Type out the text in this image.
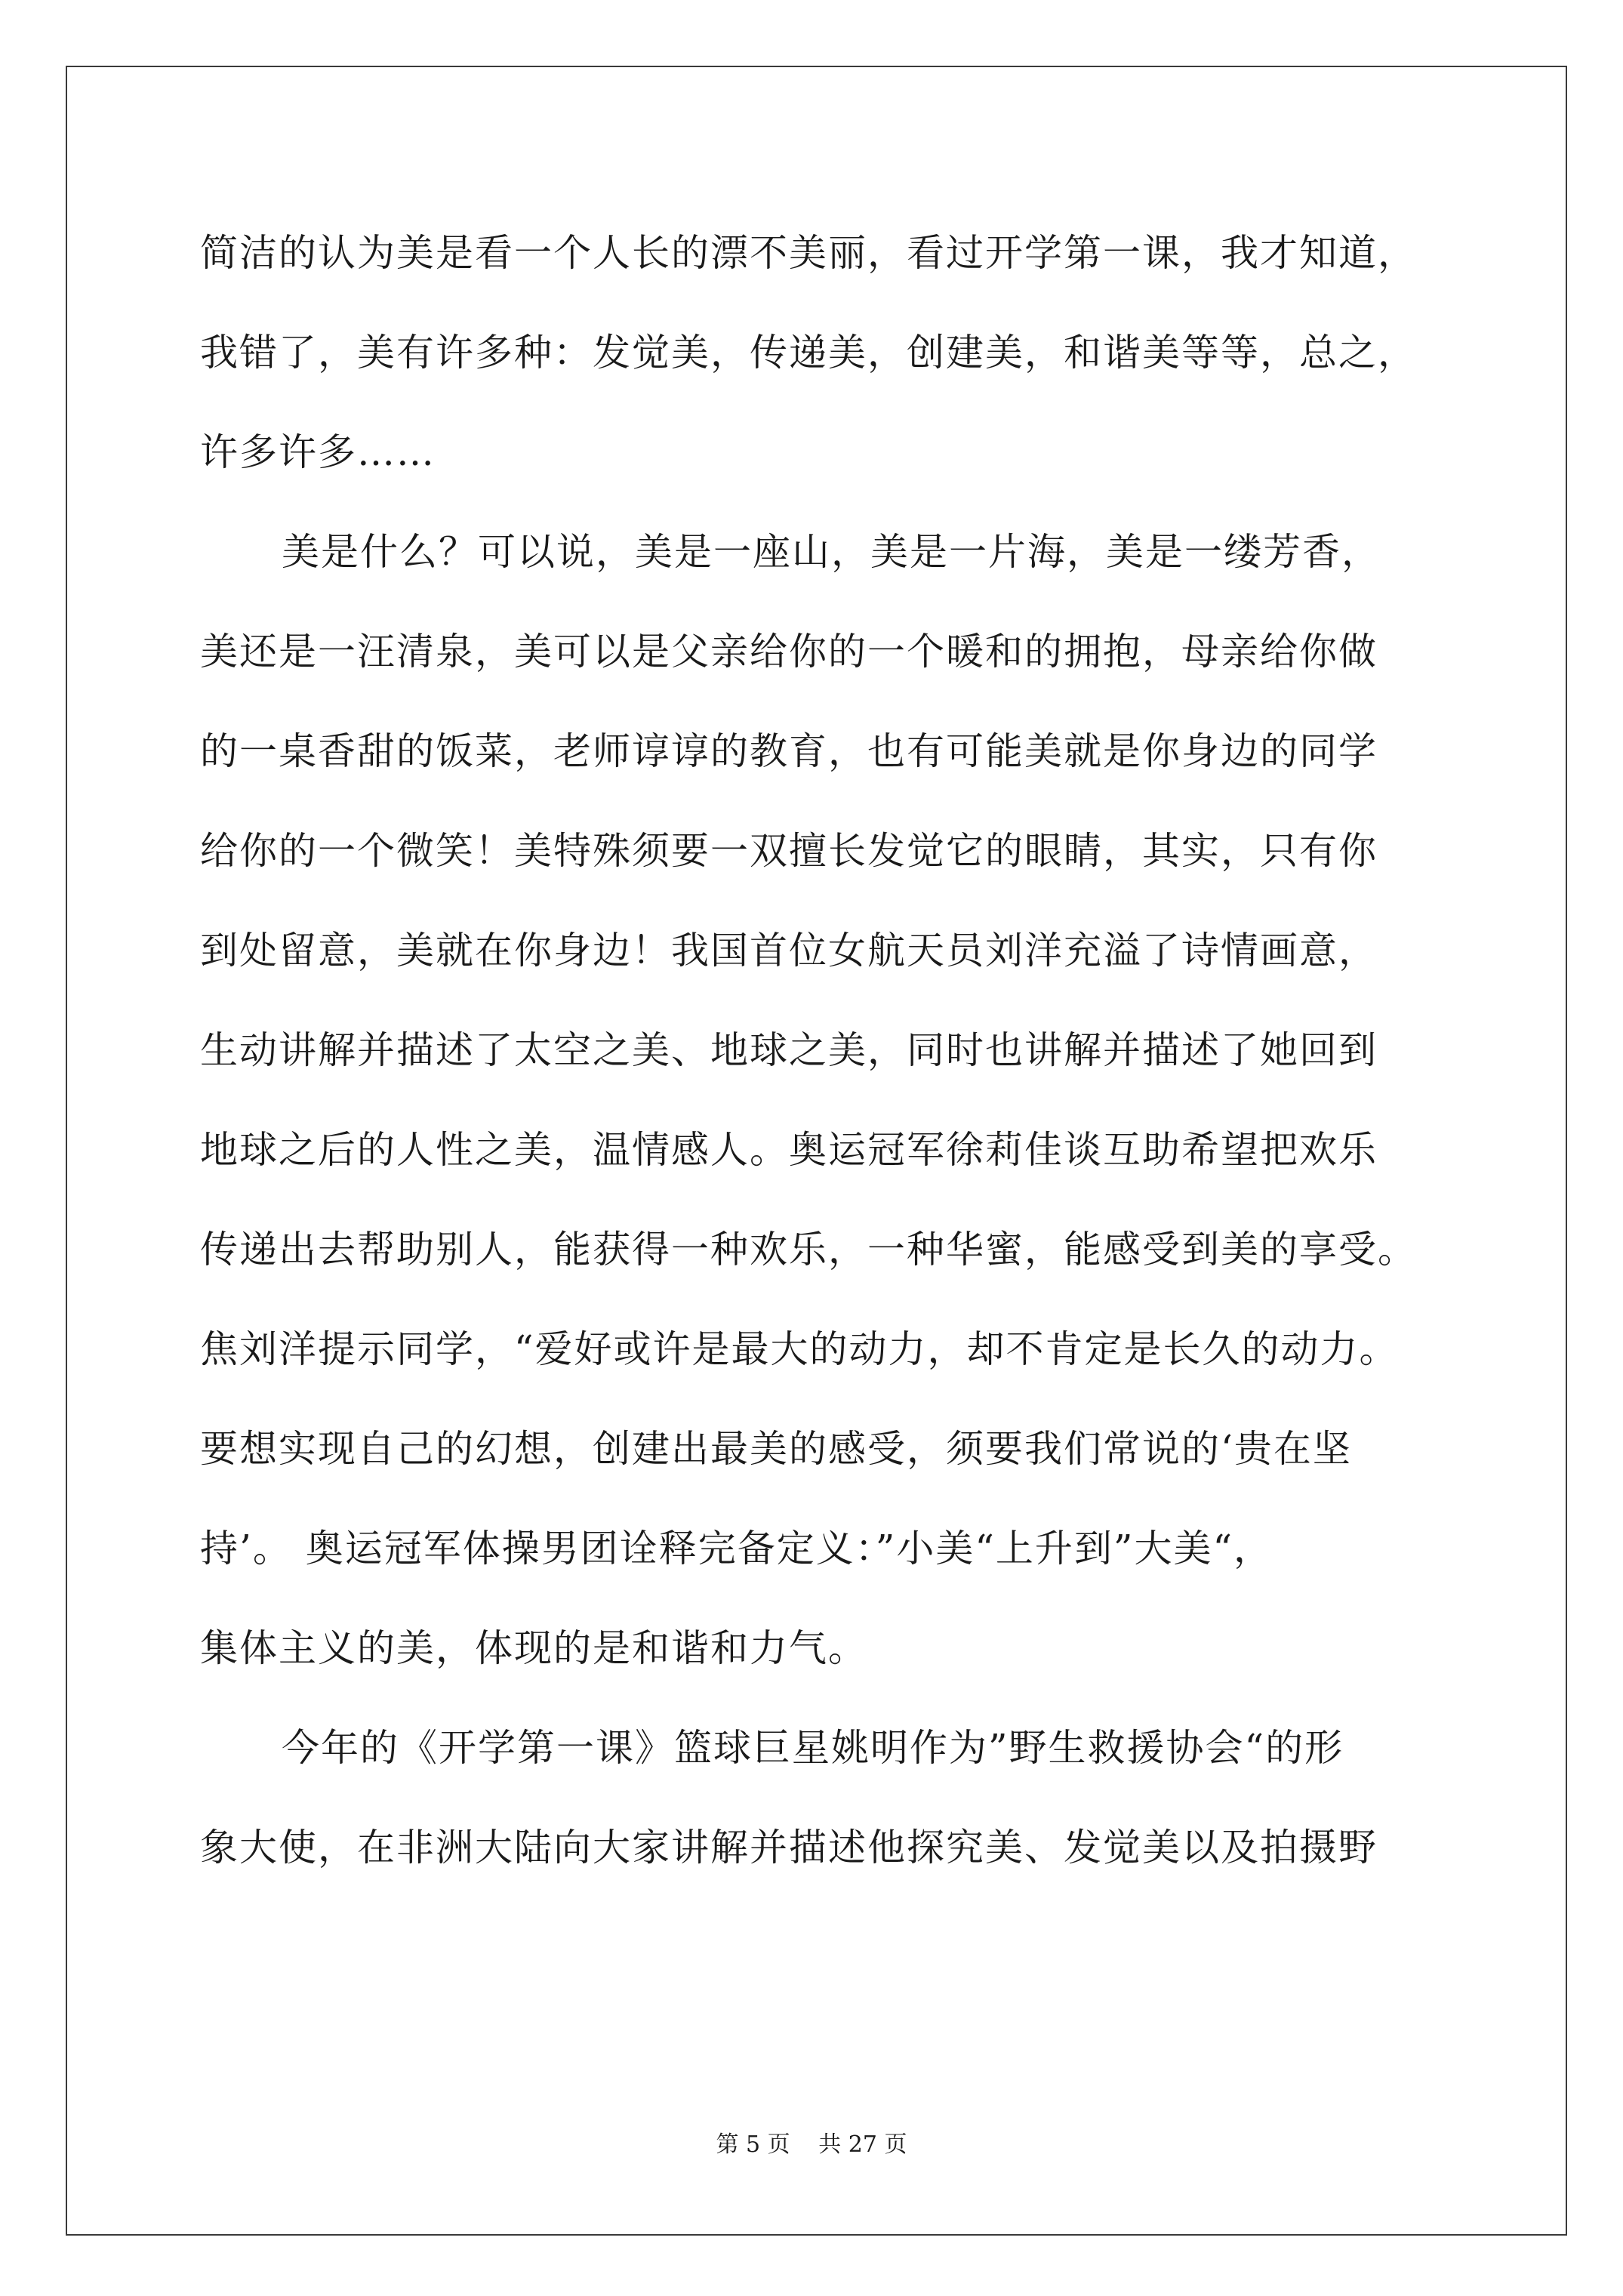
简洁的认为美是看一个人长的漂不美丽，看过开学第一课，我才知道，
我错了，美有许多种：发觉美，传递美，创建美，和谐美等等，总之，
许多许多……
美是什么？可以说，美是一座山，美是一片海，美是一缕芳香，
美还是一汪清泉，美可以是父亲给你的一个暖和的拥抱，母亲给你做
的一桌香甜的饭菜，老师谆谆的教育，也有可能美就是你身边的同学
给你的一个微笑！美特殊须要一双擅长发觉它的眼睛，其实，只有你
到处留意，美就在你身边！我国首位女航天员刘洋充溢了诗情画意，
生动讲解并描述了太空之美、地球之美，同时也讲解并描述了她回到
地球之后的人性之美，温情感人。奥运冠军徐莉佳谈互助希望把欢乐
传递出去帮助别人，能获得一种欢乐，一种华蜜，能感受到美的享受。
焦刘洋提示同学，“爱好或许是最大的动力，却不肯定是长久的动力。
要想实现自己的幻想，创建出最美的感受，须要我们常说的‘贵在坚
持’。 奥运冠军体操男团诠释完备定义：”小美“上升到”大美“，
集体主义的美，体现的是和谐和力气。
今年的《开学第一课》篮球巨星姚明作为”野生救援协会“的形
象大使，在非洲大陆向大家讲解并描述他探究美、发觉美以及拍摄野
第 5 页 共 27 页
